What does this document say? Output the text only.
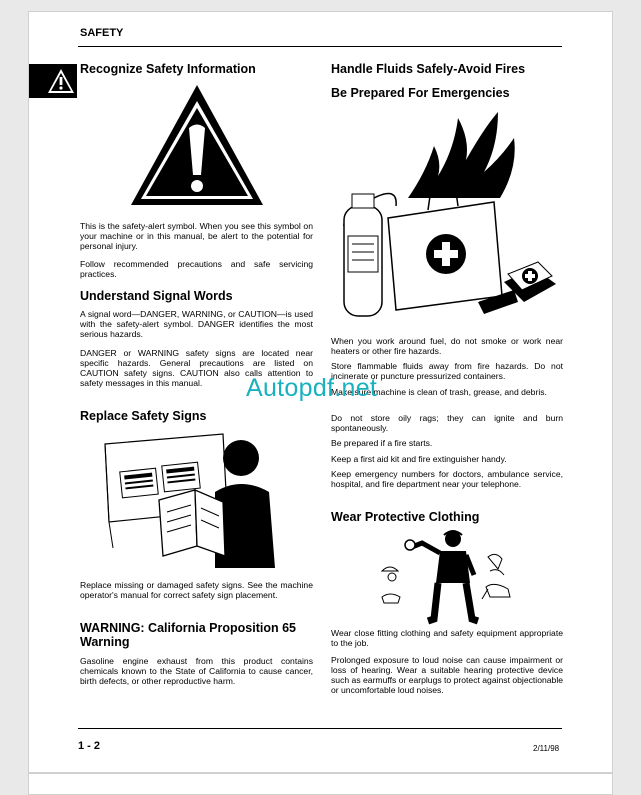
SAFETY
Recognize Safety Information

This is the safety-alert symbol. When you see this symbol on your machine or in this manual, be alert to the potential for personal injury.

Follow recommended precautions and safe servicing practices.

Understand Signal Words

A signal word—DANGER, WARNING, or CAUTION—is used with the safety-alert symbol. DANGER identifies the most serious hazards.

DANGER or WARNING safety signs are located near specific hazards. General precautions are listed on CAUTION safety signs. CAUTION also calls attention to safety messages in this manual.

Replace Safety Signs

Replace missing or damaged safety signs. See the machine operator's manual for correct safety sign placement.

WARNING: California Proposition 65 Warning

Gasoline engine exhaust from this product contains chemicals known to the State of California to cause cancer, birth defects, or other reproductive harm.

Handle Fluids Safely-Avoid Fires
Be Prepared For Emergencies

When you work around fuel, do not smoke or work near heaters or other fire hazards.

Store flammable fluids away from fire hazards. Do not incinerate or puncture pressurized containers.

Make sure machine is clean of trash, grease, and debris.

Do not store oily rags; they can ignite and burn spontaneously.

Be prepared if a fire starts.

Keep a first aid kit and fire extinguisher handy.

Keep emergency numbers for doctors, ambulance service, hospital, and fire department near your telephone.

Wear Protective Clothing

Wear close fitting clothing and safety equipment appropriate to the job.

Prolonged exposure to loud noise can cause impairment or loss of hearing. Wear a suitable hearing protective device such as earmuffs or earplugs to protect against objectionable or uncomfortable loud noises.

Autopdf.net
1 - 2	2/11/98
